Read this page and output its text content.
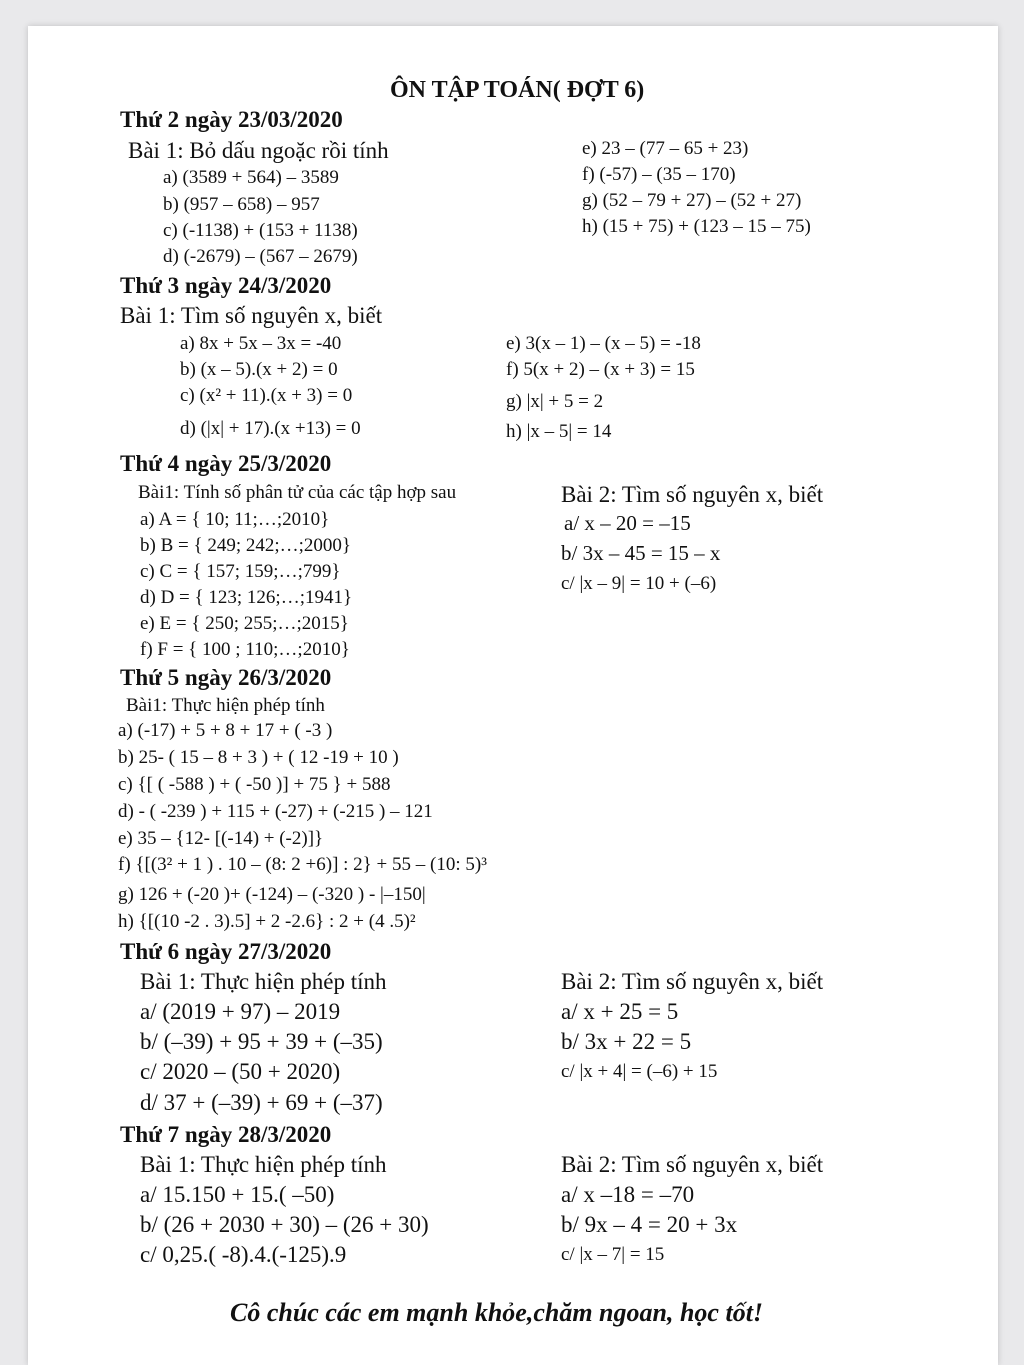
ÔN TẬP TOÁN( ĐỢT 6)
Thứ 2 ngày 23/03/2020
Bài 1: Bỏ dấu ngoặc rồi tính
a) (3589 + 564) – 3589
b) (957 – 658) – 957
c) (-1138) + (153 + 1138)
d) (-2679) – (567 – 2679)
e) 23 – (77 – 65 + 23)
f) (-57) – (35 – 170)
g) (52 – 79 + 27) – (52 + 27)
h) (15 + 75) + (123 – 15 – 75)
Thứ 3 ngày 24/3/2020
Bài 1: Tìm số nguyên x, biết
a) 8x + 5x – 3x = -40
b) (x – 5).(x + 2) = 0
c) (x² + 11).(x + 3) = 0
d) (|x| + 17).(x +13) = 0
e) 3(x – 1) – (x – 5) = -18
f) 5(x + 2) – (x + 3) = 15
g) |x| + 5 = 2
h) |x – 5| = 14
Thứ 4 ngày 25/3/2020
Bài1: Tính số phân tử của các tập hợp sau
a) A = { 10; 11;…;2010}
b) B = { 249; 242;…;2000}
c) C = { 157; 159;…;799}
d) D = { 123; 126;…;1941}
e) E = { 250; 255;…;2015}
f) F = { 100 ; 110;…;2010}
Bài 2: Tìm số nguyên x, biết
a/ x – 20 = –15
b/ 3x – 45 = 15 – x
c/ |x – 9| = 10 + (–6)
Thứ 5 ngày 26/3/2020
Bài1: Thực hiện phép tính
a) (-17) + 5 + 8 + 17 + ( -3 )
b) 25- ( 15 – 8 + 3 ) + ( 12 -19 + 10 )
c) {[ ( -588 ) + ( -50 )] + 75 } + 588
d) - ( -239 ) + 115 + (-27) + (-215 ) – 121
e) 35 – {12- [(-14) + (-2)]}
f) {[(3² + 1 ) . 10 – (8: 2 +6)] : 2} + 55 – (10: 5)³
g) 126 + (-20 )+ (-124) – (-320 ) - |–150|
h) {[(10 -2 . 3).5] + 2 -2.6} : 2 + (4 .5)²
Thứ 6 ngày 27/3/2020
Bài 1: Thực hiện phép tính
a/ (2019 + 97) – 2019
b/ (–39) + 95 + 39 + (–35)
c/ 2020 – (50 + 2020)
d/ 37 + (–39) + 69 + (–37)
Bài 2: Tìm số nguyên x, biết
a/ x + 25 = 5
b/ 3x + 22 = 5
c/ |x + 4| = (–6) + 15
Thứ 7 ngày 28/3/2020
Bài 1: Thực hiện phép tính
a/ 15.150 + 15.( –50)
b/ (26 + 2030 + 30) – (26 + 30)
c/ 0,25.( -8).4.(-125).9
Bài 2: Tìm số nguyên x, biết
a/ x –18 = –70
b/ 9x – 4 = 20 + 3x
c/ |x – 7| = 15
Cô chúc các em mạnh khỏe,chăm ngoan, học tốt!
